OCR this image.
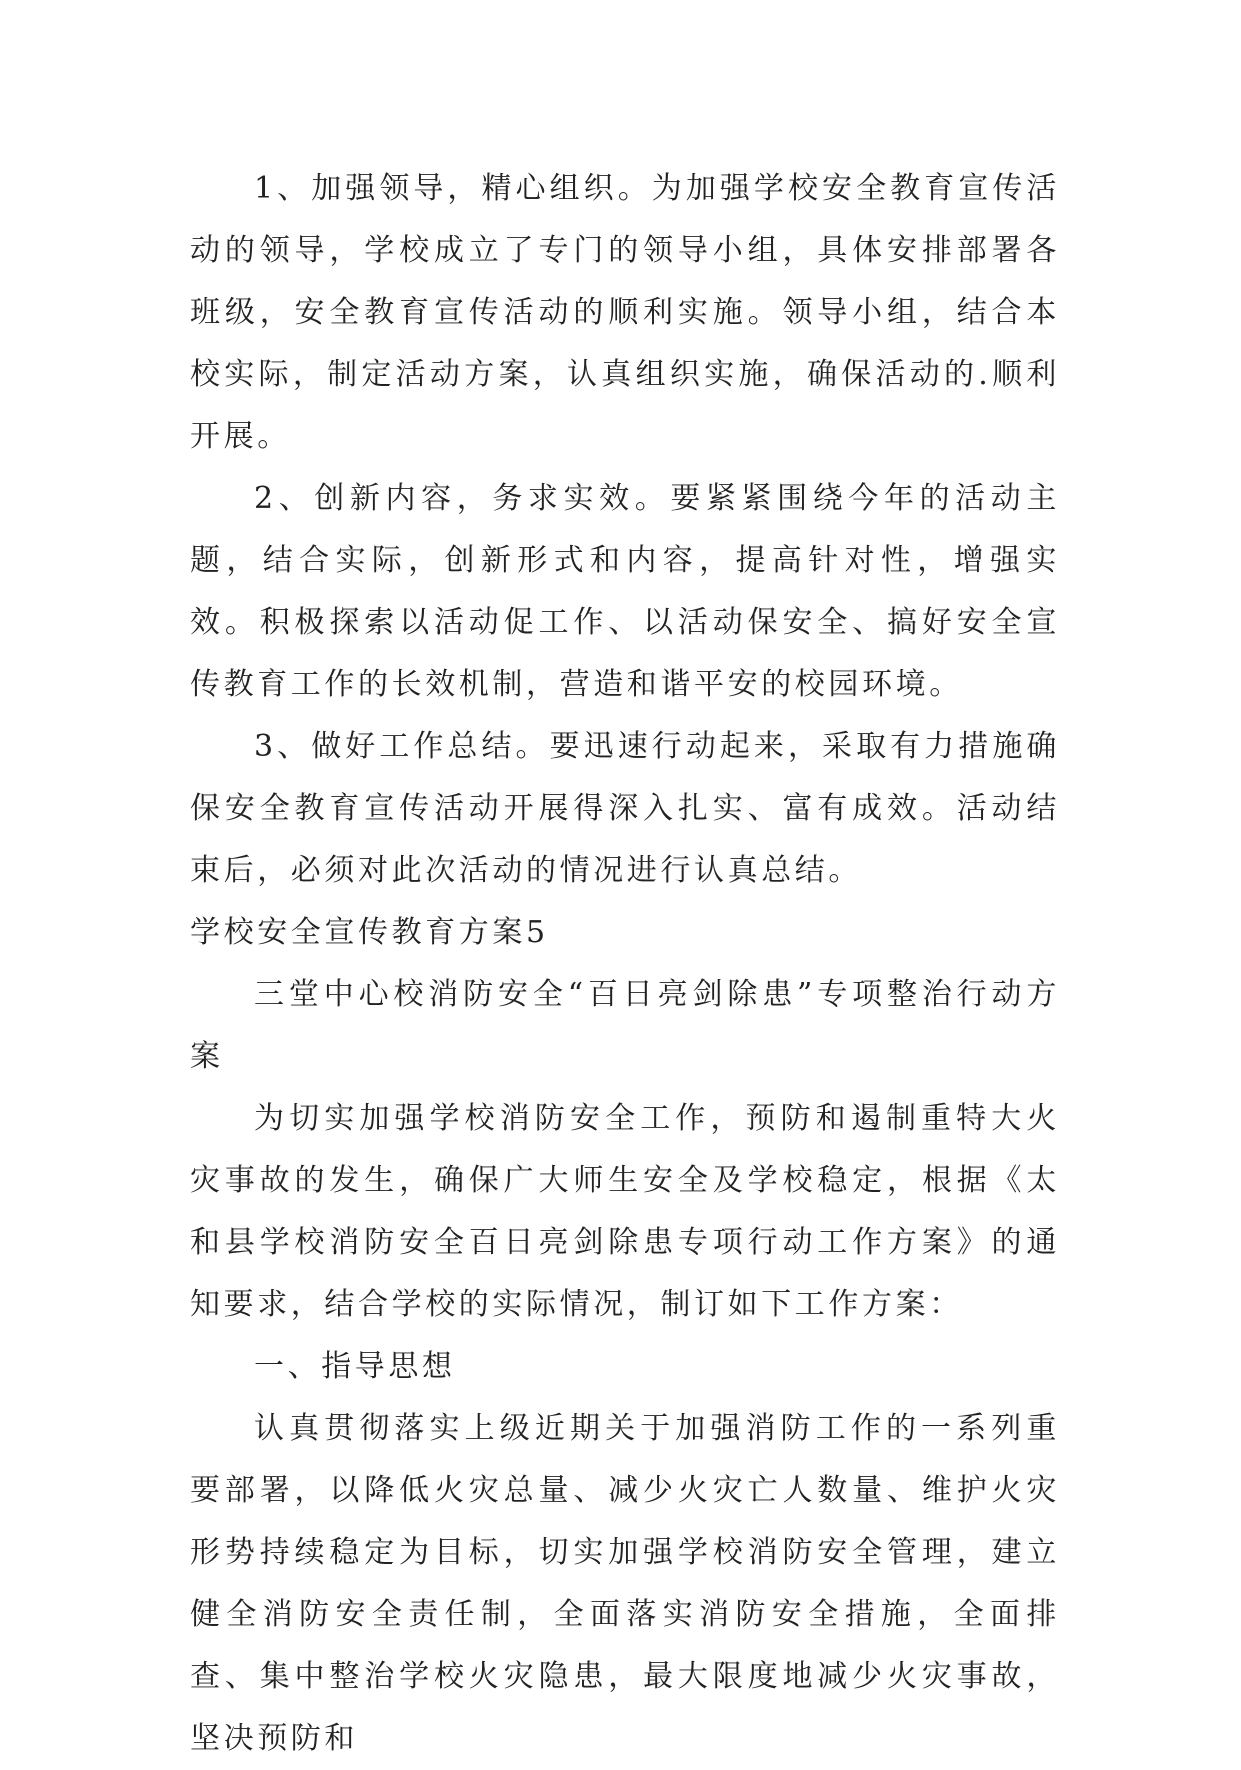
1、加强领导，精心组织。为加强学校安全教育宣传活动的领导，学校成立了专门的领导小组，具体安排部署各班级，安全教育宣传活动的顺利实施。领导小组，结合本校实际，制定活动方案，认真组织实施，确保活动的.顺利开展。

2、创新内容，务求实效。要紧紧围绕今年的活动主题，结合实际，创新形式和内容，提高针对性，增强实效。积极探索以活动促工作、以活动保安全、搞好安全宣传教育工作的长效机制，营造和谐平安的校园环境。

3、做好工作总结。要迅速行动起来，采取有力措施确保安全教育宣传活动开展得深入扎实、富有成效。活动结束后，必须对此次活动的情况进行认真总结。

学校安全宣传教育方案5

三堂中心校消防安全“百日亮剑除患”专项整治行动方案

为切实加强学校消防安全工作，预防和遏制重特大火灾事故的发生，确保广大师生安全及学校稳定，根据《太和县学校消防安全百日亮剑除患专项行动工作方案》的通知要求，结合学校的实际情况，制订如下工作方案：

一、指导思想

认真贯彻落实上级近期关于加强消防工作的一系列重要部署，以降低火灾总量、减少火灾亡人数量、维护火灾形势持续稳定为目标，切实加强学校消防安全管理，建立健全消防安全责任制，全面落实消防安全措施，全面排查、集中整治学校火灾隐患，最大限度地减少火灾事故，坚决预防和
